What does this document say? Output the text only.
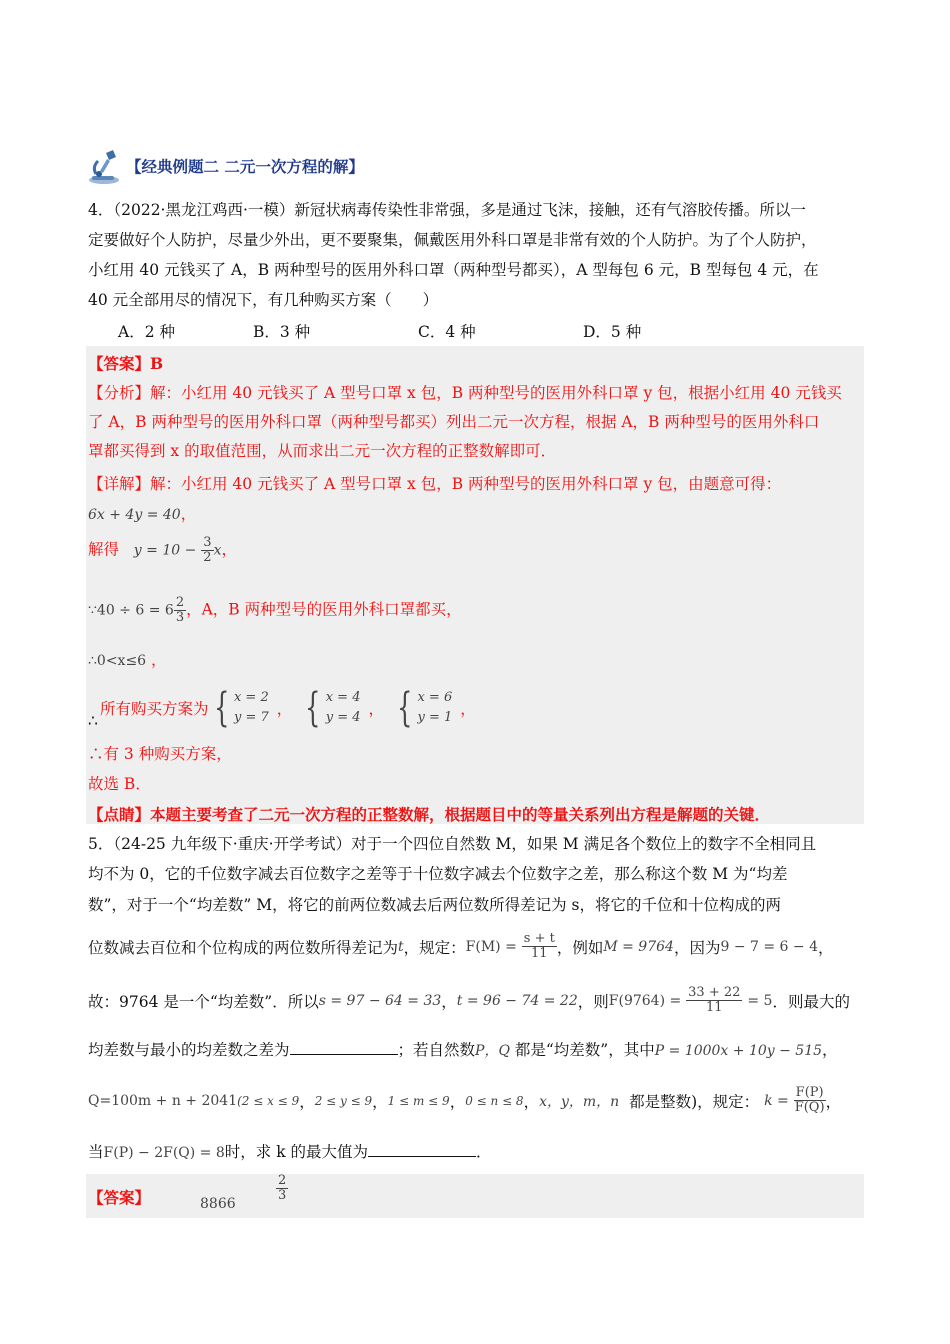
【经典例题二 二元一次方程的解】
4．（2022·黑龙江鸡西·一模）新冠状病毒传染性非常强，多是通过飞沫，接触，还有气溶胶传播。所以一
定要做好个人防护，尽量少外出，更不要聚集，佩戴医用外科口罩是非常有效的个人防护。为了个人防护，
小红用 40 元钱买了 A，B 两种型号的医用外科口罩（两种型号都买），A 型每包 6 元，B 型每包 4 元，在
40 元全部用尽的情况下，有几种购买方案（　　）
A．2 种	B．3 种	C．4 种	D．5 种
【答案】B
【分析】解：小红用 40 元钱买了 A 型号口罩 x 包，B 两种型号的医用外科口罩 y 包，根据小红用 40 元钱买
了 A，B 两种型号的医用外科口罩（两种型号都买）列出二元一次方程，根据 A，B 两种型号的医用外科口
罩都买得到 x 的取值范围，从而求出二元一次方程的正整数解即可．
【详解】解：小红用 40 元钱买了 A 型号口罩 x 包，B 两种型号的医用外科口罩 y 包，由题意可得：
6x + 4y = 40，
解得 $y = 10 - \frac{3}{2}$ x，
∵40 ÷ $6 = 6 \frac{2}{3}$ ，A，B 两种型号的医用外科口罩都买，
∴0<x≤6 ，
所有购买方案为 { x = 2
y = 7 ， { x = 4
y = 4 ， { x = 6
y = 1 ，
∴
∴有 3 种购买方案，
故选 B．
【点睛】本题主要考查了二元一次方程的正整数解，根据题目中的等量关系列出方程是解题的关键．
5．（24-25 九年级下·重庆·开学考试）对于一个四位自然数 M，如果 M 满足各个数位上的数字不全相同且
均不为 0，它的千位数字减去百位数字之差等于十位数字减去个位数字之差，那么称这个数 M 为“均差
数”，对于一个“均差数” M，将它的前两位数减去后两位数所得差记为 s，将它的千位和十位构成的两
位数减去百位和个位构成的两位数所得差记为 t ，规定： F(M) =
$\frac{s + t}{11}$ ，例如 M = 9764 ，因为 9 − 7 = 6 − 4 ，
故：9764 是一个“均差数”．所以 s = 97 − 64 = 33 ， t = 96 − 74 = 22 ，则 F(9764) =
$\frac{33 + 22}{11}$
= 5 ．则最大的
均差数与最小的均差数之差为	；若自然数 P，Q
都是“均差数”，其中 P = 1000x + 10y − 515 ，
Q=100m + n + 2041 (2 ≤ x ≤ 9 ， 2 ≤ y ≤ 9 ， 1 ≤ m ≤ 9 ， 0 ≤ n ≤ 8 ， x，y，m，n
都是整数)，规定：
k =
$\frac{F(P)}{F(Q)}$ ，
当 F(P) − 2F(Q) = 8 时，求 k 的最大值为	．
【答案】	8866
$\frac{2}{3}$
